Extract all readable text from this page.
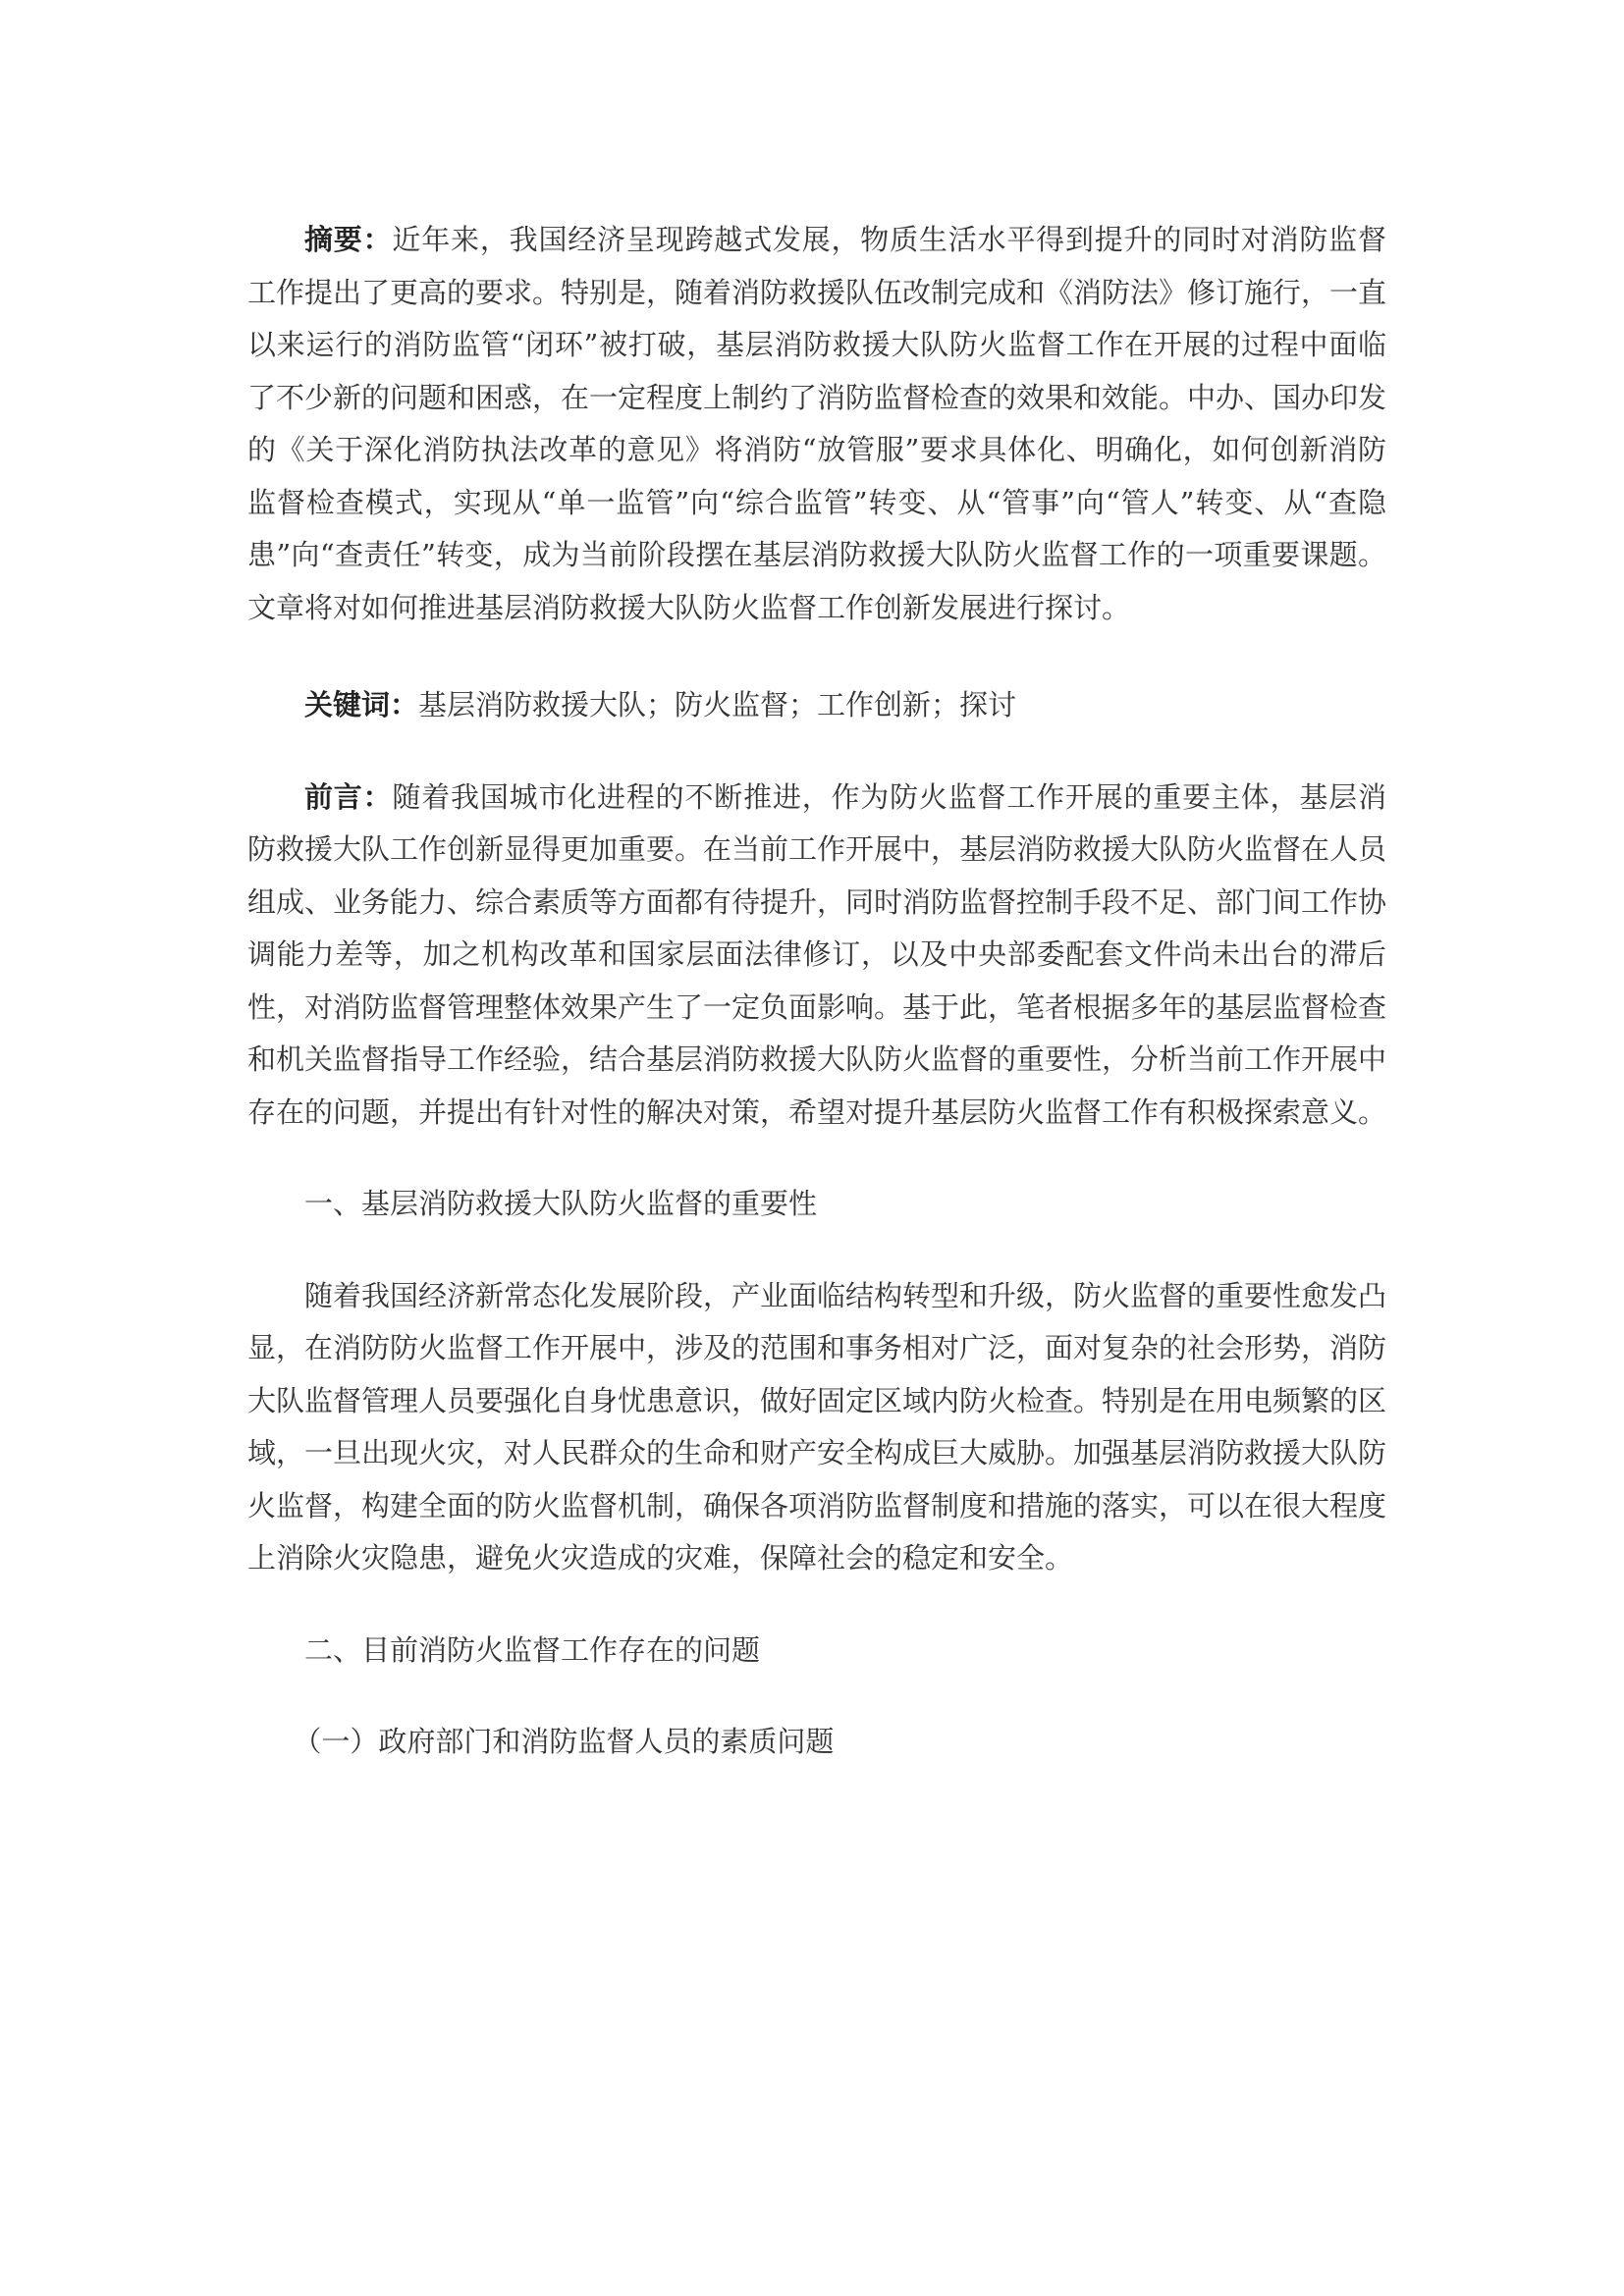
摘要：近年来，我国经济呈现跨越式发展，物质生活水平得到提升的同时对消防监督工作提出了更高的要求。特别是，随着消防救援队伍改制完成和《消防法》修订施行，一直以来运行的消防监管“闭环”被打破，基层消防救援大队防火监督工作在开展的过程中面临了不少新的问题和困惑，在一定程度上制约了消防监督检查的效果和效能。中办、国办印发的《关于深化消防执法改革的意见》将消防“放管服”要求具体化、明确化，如何创新消防监督检查模式，实现从“单一监管”向“综合监管”转变、从“管事”向“管人”转变、从“查隐患”向“查责任”转变，成为当前阶段摆在基层消防救援大队防火监督工作的一项重要课题。文章将对如何推进基层消防救援大队防火监督工作创新发展进行探讨。

关键词：基层消防救援大队；防火监督；工作创新；探讨

前言：随着我国城市化进程的不断推进，作为防火监督工作开展的重要主体，基层消防救援大队工作创新显得更加重要。在当前工作开展中，基层消防救援大队防火监督在人员组成、业务能力、综合素质等方面都有待提升，同时消防监督控制手段不足、部门间工作协调能力差等，加之机构改革和国家层面法律修订，以及中央部委配套文件尚未出台的滞后性，对消防监督管理整体效果产生了一定负面影响。基于此，笔者根据多年的基层监督检查和机关监督指导工作经验，结合基层消防救援大队防火监督的重要性，分析当前工作开展中存在的问题，并提出有针对性的解决对策，希望对提升基层防火监督工作有积极探索意义。

一、基层消防救援大队防火监督的重要性

随着我国经济新常态化发展阶段，产业面临结构转型和升级，防火监督的重要性愈发凸显，在消防防火监督工作开展中，涉及的范围和事务相对广泛，面对复杂的社会形势，消防大队监督管理人员要强化自身忧患意识，做好固定区域内防火检查。特别是在用电频繁的区域，一旦出现火灾，对人民群众的生命和财产安全构成巨大威胁。加强基层消防救援大队防火监督，构建全面的防火监督机制，确保各项消防监督制度和措施的落实，可以在很大程度上消除火灾隐患，避免火灾造成的灾难，保障社会的稳定和安全。

二、目前消防火监督工作存在的问题

（一）政府部门和消防监督人员的素质问题
